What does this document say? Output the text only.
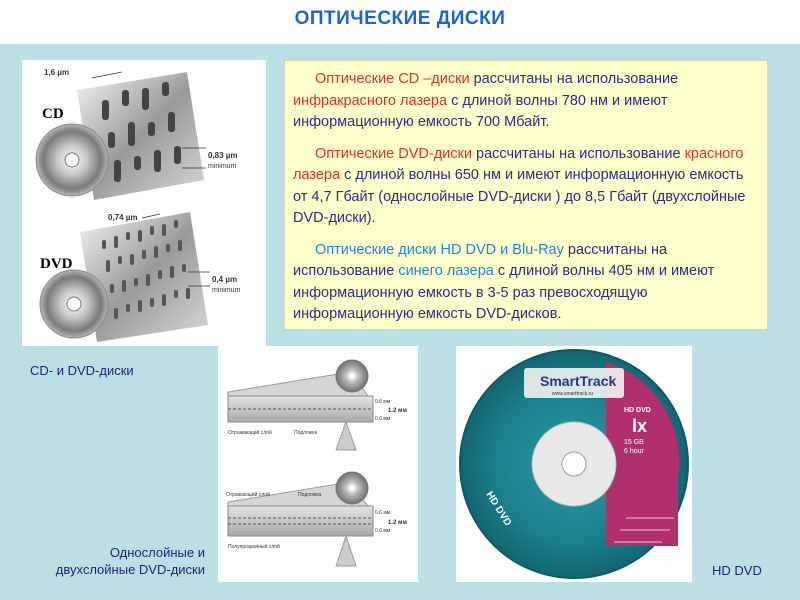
ОПТИЧЕСКИЕ ДИСКИ
CD
1,6 µm
0,83 µm
minimum
DVD
0,74 µm
0,4 µm
minimum

Оптические CD –диски рассчитаны на использование инфракрасного лазера с длиной волны 780 нм и имеют информационную емкость 700 Мбайт.

Оптические DVD-диски рассчитаны на использование красного лазера с длиной волны 650 нм и имеют информационную емкость от 4,7 Гбайт (однослойные DVD-диски ) до 8,5 Гбайт (двухслойные DVD-диски).

Оптические диски HD DVD и Blu-Ray рассчитаны на использование синего лазера с длиной волны 405 нм и имеют информационную емкость в 3-5 раз превосходящую информационную емкость DVD-дисков.

CD- и DVD-диски
0.6 мм
0.6 мм
1.2 мм
Отражающий слой	Подложка
0.6 мм
0.6 мм
1.2 мм
Отражающий слой	Подложка
Полупрозрачный слой
Однослойные и
двухслойные DVD-диски
SmartTrack
www.smarttrack.ru
HD DVD
lx
15 GB
6 hour
HD DVD
HD DVD
